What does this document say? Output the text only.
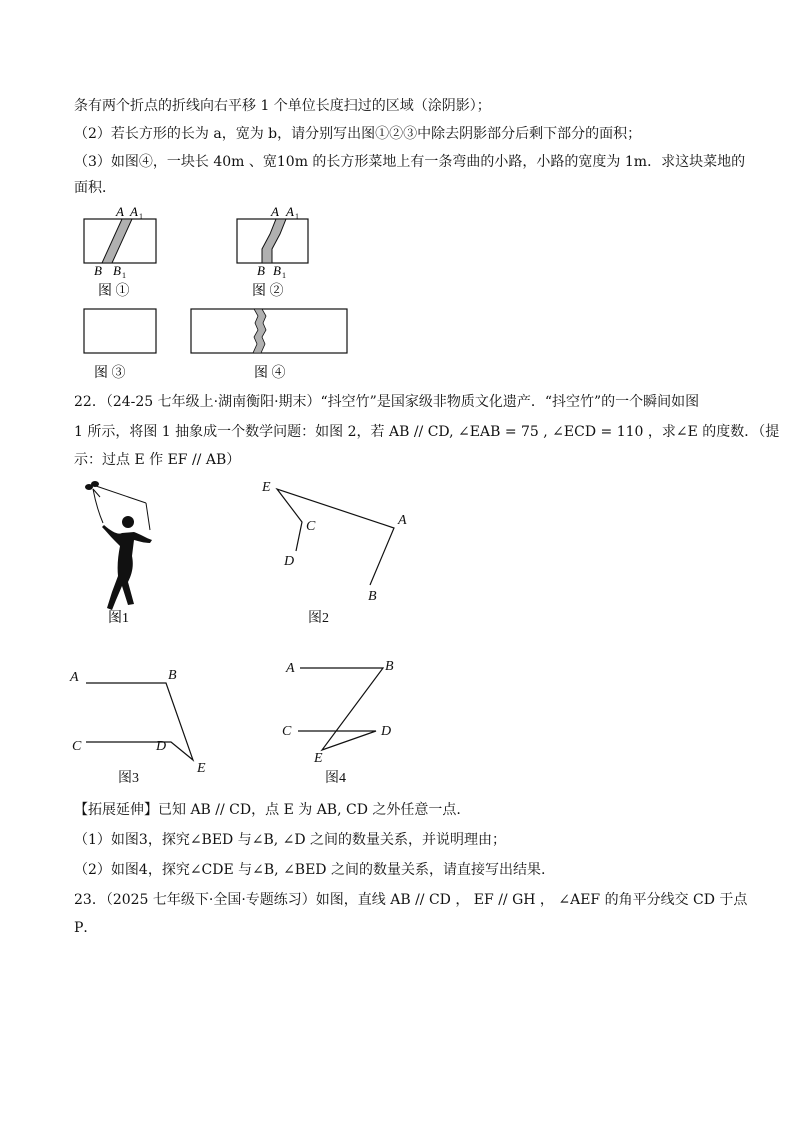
条有两个折点的折线向右平移 1 个单位长度扫过的区域（涂阴影）；
（2）若长方形的长为 a，宽为 b，请分别写出图①②③中除去阴影部分后剩下部分的面积；
（3）如图④，一块长 40m 、宽10m 的长方形菜地上有一条弯曲的小路，小路的宽度为 1m．求这块菜地的
面积．
22．（24-25 七年级上·湖南衡阳·期末）“抖空竹”是国家级非物质文化遗产．“抖空竹”的一个瞬间如图
1 所示，将图 1 抽象成一个数学问题：如图 2，若 AB // CD, ∠EAB = 75 , ∠ECD = 110 ，求∠E 的度数．（提
示：过点 E 作 EF // AB）
【拓展延伸】已知 AB // CD，点 E 为 AB, CD 之外任意一点.
（1）如图3，探究∠BED 与∠B, ∠D 之间的数量关系，并说明理由；
（2）如图4，探究∠CDE 与∠B, ∠BED 之间的数量关系，请直接写出结果.
23．（2025 七年级下·全国·专题练习）如图，直线 AB // CD ， EF // GH ， ∠AEF 的角平分线交 CD 于点
P．
A A 1
B B 1
图 ①
A A 1
B B 1
图 ②
图 ③	图 ④
图1
E
C
D
A
B
图2
A	B
C	D
E
图3
A	B
C	D
E
图4
